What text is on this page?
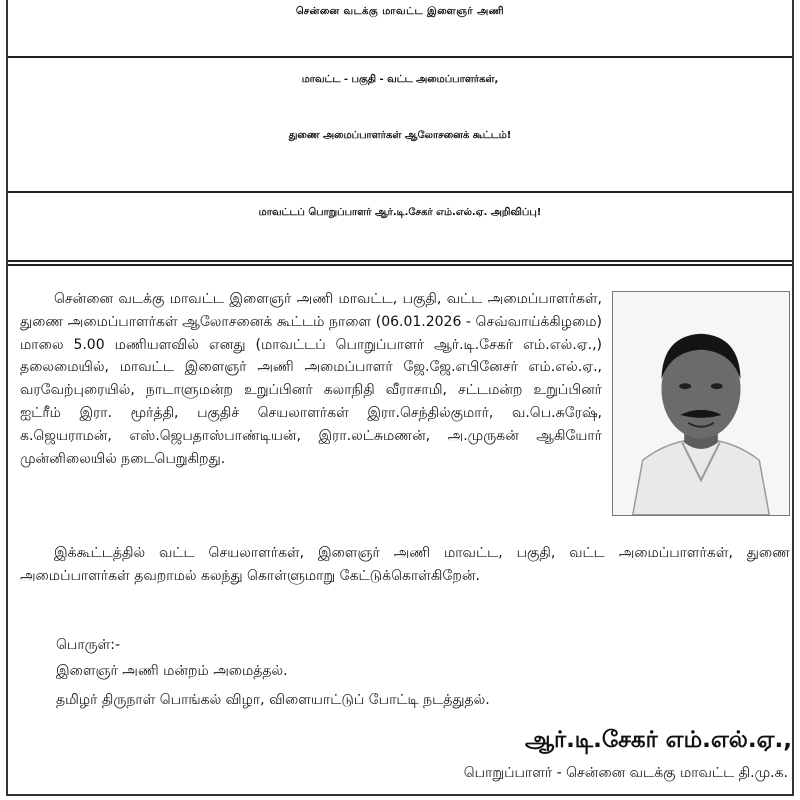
சென்னை வடக்கு மாவட்ட இளைஞர் அணி
மாவட்ட - பகுதி - வட்ட அமைப்பாளர்கள்,
துணை அமைப்பாளர்கள் ஆலோசனைக் கூட்டம்!
மாவட்டப் பொறுப்பாளர் ஆர்.டி.சேகர் எம்.எல்.ஏ. அறிவிப்பு!
சென்னை வடக்கு மாவட்ட இளைஞர் அணி மாவட்ட, பகுதி, வட்ட அமைப்பாளர்கள், துணை அமைப்பாளர்கள் ஆலோசனைக் கூட்டம் நாளை (06.01.2026 - செவ்வாய்க்கிழமை) மாலை 5.00 மணியளவில் எனது (மாவட்டப் பொறுப்பாளர் ஆர்.டி.சேகர் எம்.எல்.ஏ.,) தலைமையில், மாவட்ட இளைஞர் அணி அமைப்பாளர் ஜே.ஜே.எபினேசர் எம்.எல்.ஏ., வரவேற்புரையில், நாடாளுமன்ற உறுப்பினர் கலாநிதி வீராசாமி, சட்டமன்ற உறுப்பினர் ஐட்ரீம் இரா. மூர்த்தி, பகுதிச் செயலாளர்கள் இரா.செந்தில்குமார், வ.பெ.சுரேஷ், க.ஜெயராமன், எஸ்.ஜெபதாஸ்பாண்டியன், இரா.லட்சுமணன், அ.முருகன் ஆகியோர் முன்னிலையில் நடைபெறுகிறது.
இக்கூட்டத்தில் வட்ட செயலாளர்கள், இளைஞர் அணி மாவட்ட, பகுதி, வட்ட அமைப்பாளர்கள், துணை அமைப்பாளர்கள் தவறாமல் கலந்து கொள்ளுமாறு கேட்டுக்கொள்கிறேன்.
பொருள்:-
இளைஞர் அணி மன்றம் அமைத்தல்.
தமிழர் திருநாள் பொங்கல் விழா, விளையாட்டுப் போட்டி நடத்துதல்.
ஆர்.டி.சேகர் எம்.எல்.ஏ.,
பொறுப்பாளர் - சென்னை வடக்கு மாவட்ட தி.மு.க.
